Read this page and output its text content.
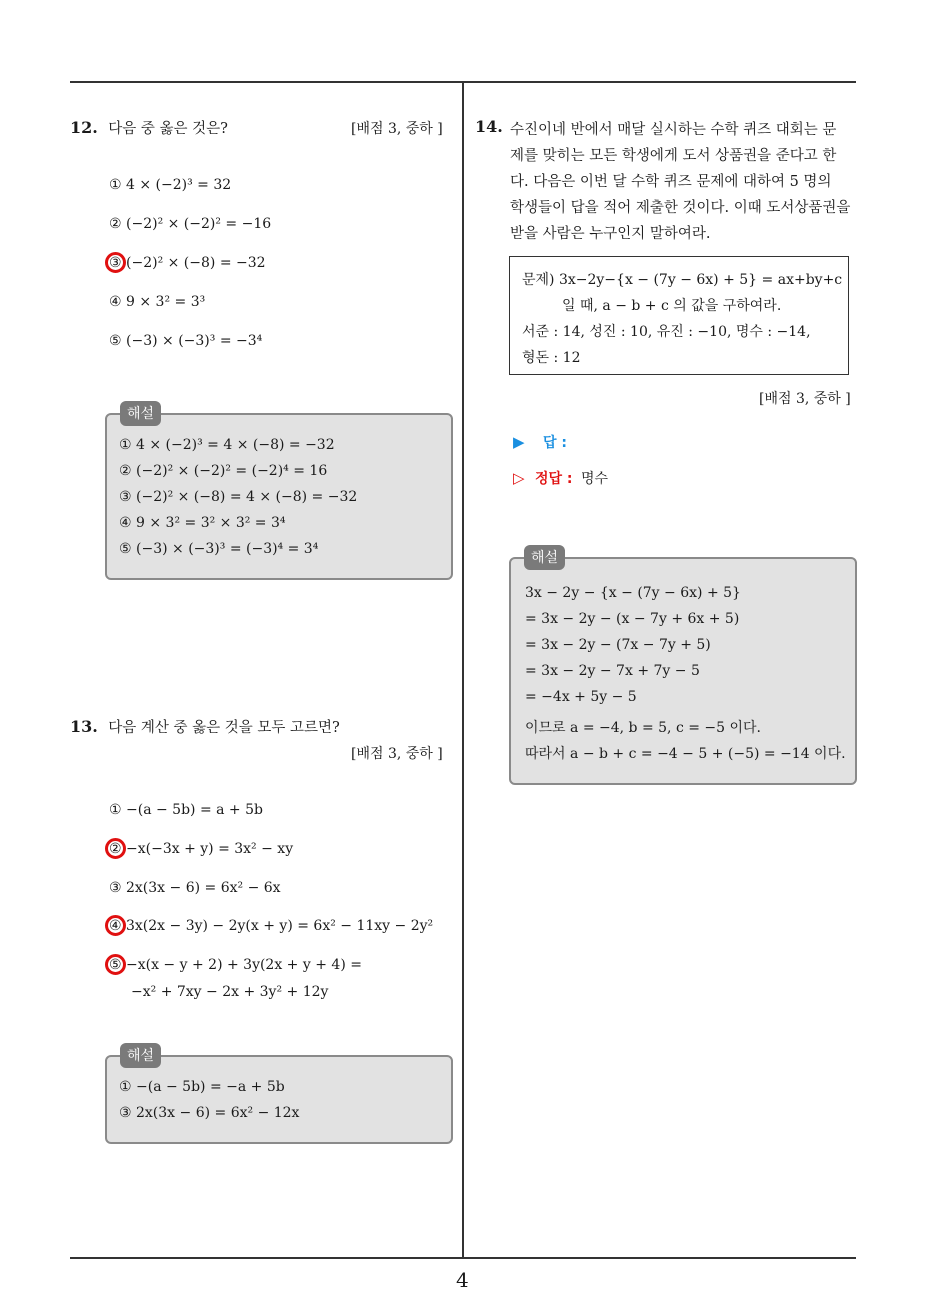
12. 다음 중 옳은 것은?	[배점 3, 중하 ]
① 4 × (−2)³ = 32
② (−2)² × (−2)² = −16
③ (−2)² × (−8) = −32
④ 9 × 3² = 3³
⑤ (−3) × (−3)³ = −3⁴
① 4 × (−2)³ = 4 × (−8) = −32
② (−2)² × (−2)² = (−2)⁴ = 16
③ (−2)² × (−8) = 4 × (−8) = −32
④ 9 × 3² = 3² × 3² = 3⁴
⑤ (−3) × (−3)³ = (−3)⁴ = 3⁴
해설
13. 다음 계산 중 옳은 것을 모두 고르면?
[배점 3, 중하 ]
① −(a − 5b) = a + 5b
② −x(−3x + y) = 3x² − xy
③ 2x(3x − 6) = 6x² − 6x
④ 3x(2x − 3y) − 2y(x + y) = 6x² − 11xy − 2y²
⑤ −x(x − y + 2) + 3y(2x + y + 4) =
−x² + 7xy − 2x + 3y² + 12y
① −(a − 5b) = −a + 5b
③ 2x(3x − 6) = 6x² − 12x
해설
14. 수진이네 반에서 매달 실시하는 수학 퀴즈 대회는 문
제를 맞히는 모든 학생에게 도서 상품권을 준다고 한
다. 다음은 이번 달 수학 퀴즈 문제에 대하여 5 명의
학생들이 답을 적어 제출한 것이다. 이때 도서상품권을
받을 사람은 누구인지 말하여라.
문제) 3x−2y−{x − (7y − 6x) + 5} = ax+by+c
일 때, a − b + c 의 값을 구하여라.
서준 : 14, 성진 : 10, 유진 : −10, 명수 : −14,
형돈 : 12
[배점 3, 중하 ]
▶ 답 :
▷ 정답 : 명수
3x − 2y − {x − (7y − 6x) + 5}
= 3x − 2y − (x − 7y + 6x + 5)
= 3x − 2y − (7x − 7y + 5)
= 3x − 2y − 7x + 7y − 5
= −4x + 5y − 5
이므로 a = −4, b = 5, c = −5 이다.
따라서 a − b + c = −4 − 5 + (−5) = −14 이다.
해설
4
